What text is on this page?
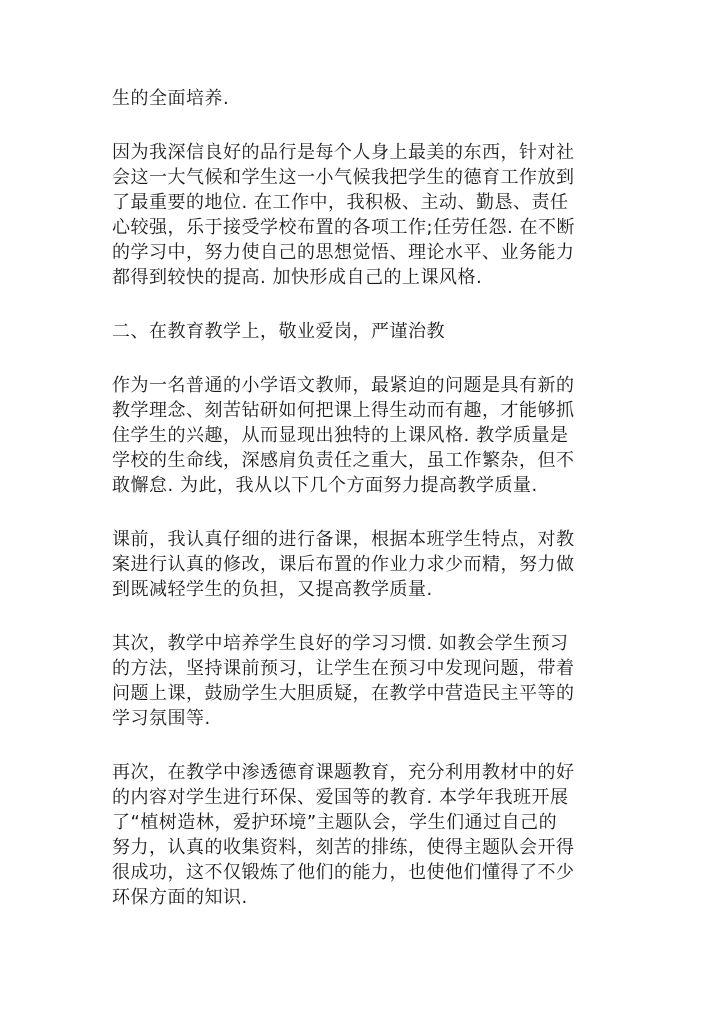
生的全面培养.

因为我深信良好的品行是每个人身上最美的东西，针对社
会这一大气候和学生这一小气候我把学生的德育工作放到
了最重要的地位. 在工作中，我积极、主动、勤恳、责任
心较强，乐于接受学校布置的各项工作;任劳任怨. 在不断
的学习中，努力使自己的思想觉悟、理论水平、业务能力
都得到较快的提高. 加快形成自己的上课风格.

二、在教育教学上，敬业爱岗，严谨治教

作为一名普通的小学语文教师，最紧迫的问题是具有新的
教学理念、刻苦钻研如何把课上得生动而有趣，才能够抓
住学生的兴趣，从而显现出独特的上课风格. 教学质量是
学校的生命线，深感肩负责任之重大，虽工作繁杂，但不
敢懈怠. 为此，我从以下几个方面努力提高教学质量.

课前，我认真仔细的进行备课，根据本班学生特点，对教
案进行认真的修改，课后布置的作业力求少而精，努力做
到既减轻学生的负担，又提高教学质量.

其次，教学中培养学生良好的学习习惯. 如教会学生预习
的方法，坚持课前预习，让学生在预习中发现问题，带着
问题上课，鼓励学生大胆质疑，在教学中营造民主平等的
学习氛围等.

再次，在教学中渗透德育课题教育，充分利用教材中的好
的内容对学生进行环保、爱国等的教育. 本学年我班开展
了“植树造林，爱护环境”主题队会，学生们通过自己的
努力，认真的收集资料，刻苦的排练，使得主题队会开得
很成功，这不仅锻炼了他们的能力，也使他们懂得了不少
环保方面的知识.
